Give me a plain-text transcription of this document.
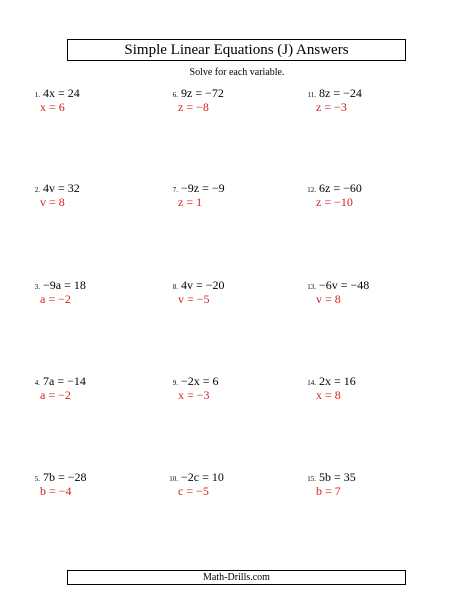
Simple Linear Equations (J) Answers
Solve for each variable.
1. 4x = 24
x = 6
2. 4v = 32
v = 8
3. −9a = 18
a = −2
4. 7a = −14
a = −2
5. 7b = −28
b = −4
6. 9z = −72
z = −8
7. −9z = −9
z = 1
8. 4v = −20
v = −5
9. −2x = 6
x = −3
10. −2c = 10
c = −5
11. 8z = −24
z = −3
12. 6z = −60
z = −10
13. −6v = −48
v = 8
14. 2x = 16
x = 8
15. 5b = 35
b = 7
Math-Drills.com
